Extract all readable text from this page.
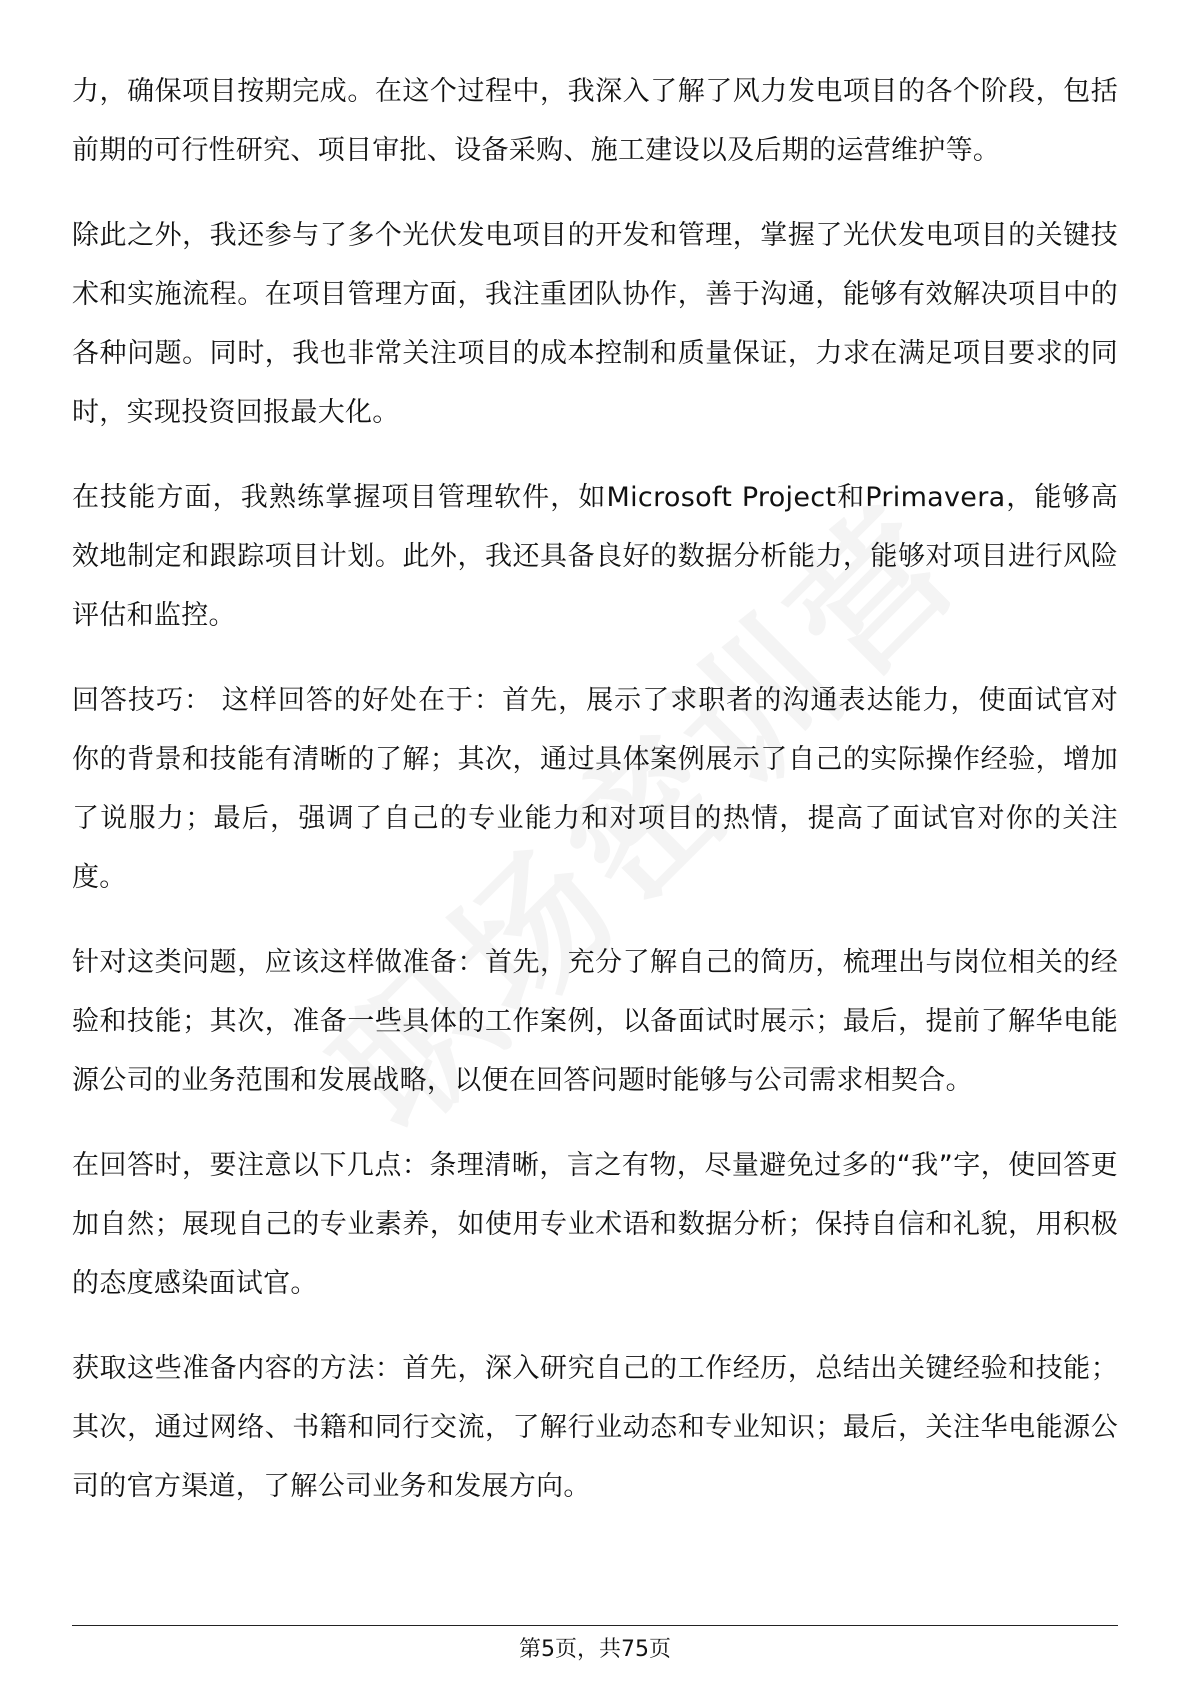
力，确保项目按期完成。在这个过程中，我深入了解了风力发电项目的各个阶段，包括前期的可行性研究、项目审批、设备采购、施工建设以及后期的运营维护等。

除此之外，我还参与了多个光伏发电项目的开发和管理，掌握了光伏发电项目的关键技术和实施流程。在项目管理方面，我注重团队协作，善于沟通，能够有效解决项目中的各种问题。同时，我也非常关注项目的成本控制和质量保证，力求在满足项目要求的同时，实现投资回报最大化。

在技能方面，我熟练掌握项目管理软件，如Microsoft Project和Primavera，能够高效地制定和跟踪项目计划。此外，我还具备良好的数据分析能力，能够对项目进行风险评估和监控。

回答技巧： 这样回答的好处在于：首先，展示了求职者的沟通表达能力，使面试官对你的背景和技能有清晰的了解；其次，通过具体案例展示了自己的实际操作经验，增加了说服力；最后，强调了自己的专业能力和对项目的热情，提高了面试官对你的关注度。

针对这类问题，应该这样做准备：首先，充分了解自己的简历，梳理出与岗位相关的经验和技能；其次，准备一些具体的工作案例，以备面试时展示；最后，提前了解华电能源公司的业务范围和发展战略，以便在回答问题时能够与公司需求相契合。

在回答时，要注意以下几点：条理清晰，言之有物，尽量避免过多的“我”字，使回答更加自然；展现自己的专业素养，如使用专业术语和数据分析；保持自信和礼貌，用积极的态度感染面试官。

获取这些准备内容的方法：首先，深入研究自己的工作经历，总结出关键经验和技能；其次，通过网络、书籍和同行交流，了解行业动态和专业知识；最后，关注华电能源公司的官方渠道，了解公司业务和发展方向。

第5页，共75页
